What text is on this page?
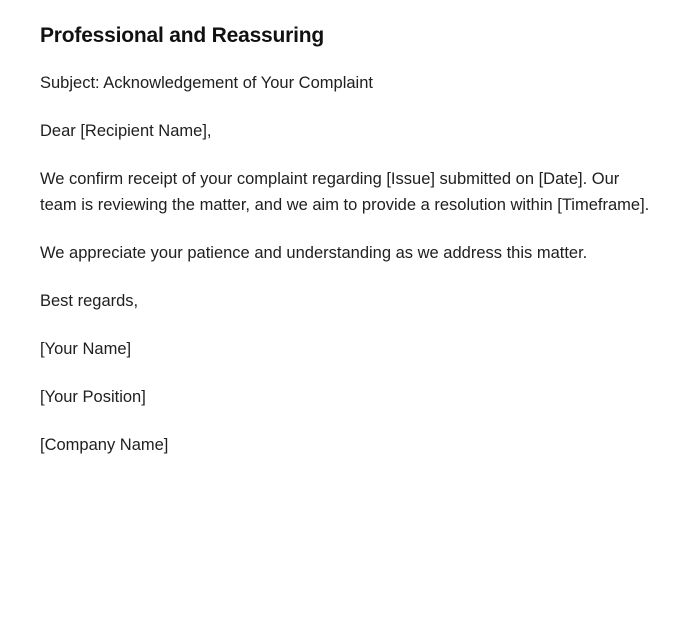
Professional and Reassuring

Subject: Acknowledgement of Your Complaint

Dear [Recipient Name],

We confirm receipt of your complaint regarding [Issue] submitted on [Date]. Our team is reviewing the matter, and we aim to provide a resolution within [Timeframe].

We appreciate your patience and understanding as we address this matter.

Best regards,

[Your Name]

[Your Position]

[Company Name]
